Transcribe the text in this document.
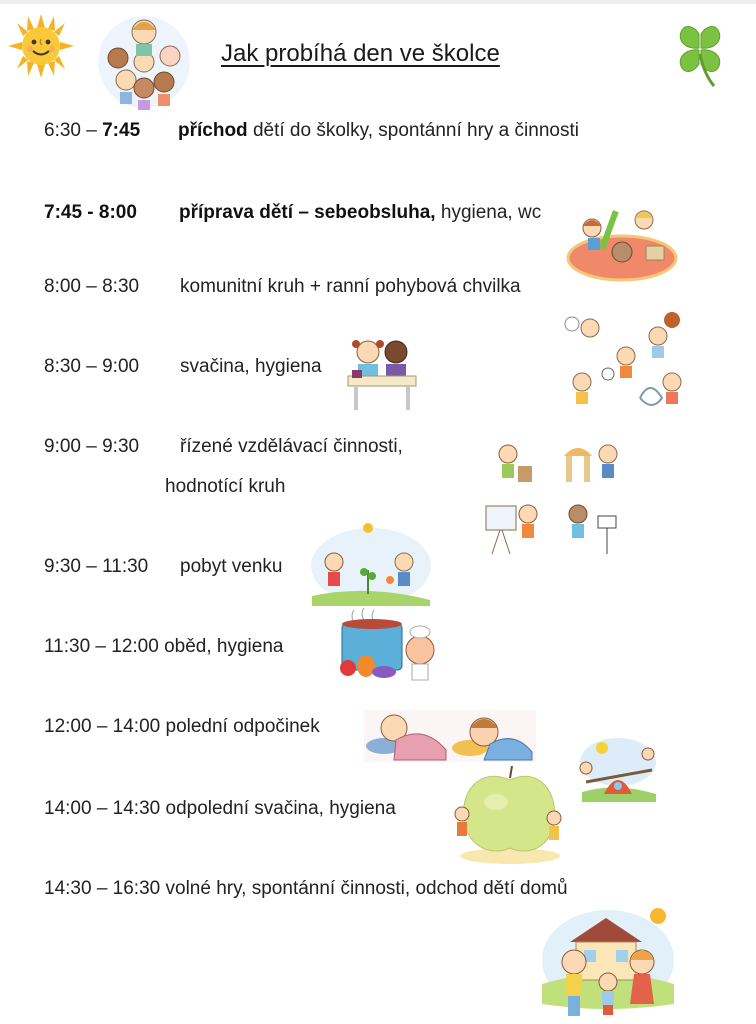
Jak probíhá den ve školce
6:30 – 7:45 příchod dětí do školky, spontánní hry a činnosti
7:45 - 8:00 příprava dětí – sebeobsluha, hygiena, wc
8:00 – 8:30 komunitní kruh + ranní pohybová chvilka
8:30 – 9:00 svačina, hygiena
9:00 – 9:30 řízené vzdělávací činnosti,
hodnotící kruh
9:30 – 11:30 pobyt venku
11:30 – 12:00 oběd, hygiena
12:00 – 14:00 polední odpočinek
14:00 – 14:30 odpolední svačina, hygiena
14:30 – 16:30 volné hry, spontánní činnosti, odchod dětí domů
